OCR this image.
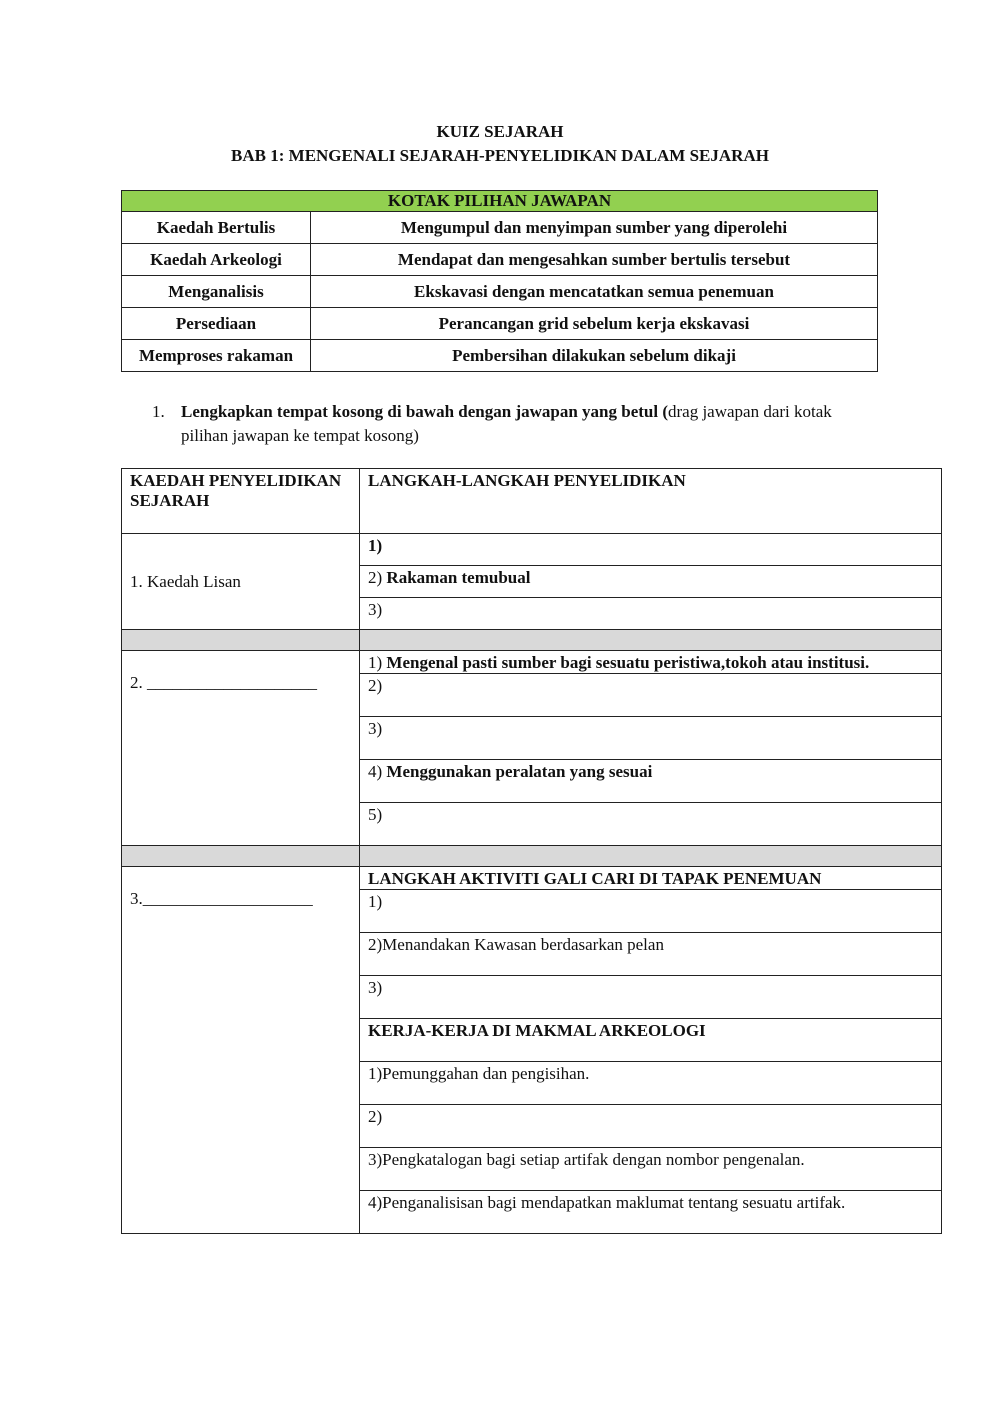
KUIZ SEJARAH
BAB 1: MENGENALI SEJARAH-PENYELIDIKAN DALAM SEJARAH
KOTAK PILIHAN JAWAPAN	
Kaedah Bertulis	Mengumpul dan menyimpan sumber yang diperolehi
Kaedah Arkeologi	Mendapat dan mengesahkan sumber bertulis tersebut
Menganalisis	Ekskavasi dengan mencatatkan semua penemuan
Persediaan	Perancangan grid sebelum kerja ekskavasi
Memproses rakaman	Pembersihan dilakukan sebelum dikaji
1. Lengkapkan tempat kosong di bawah dengan jawapan yang betul (drag jawapan dari kotak pilihan jawapan ke tempat kosong)
KAEDAH PENYELIDIKAN SEJARAH	LANGKAH-LANGKAH PENYELIDIKAN
1. Kaedah Lisan	1)
	2) Rakaman temubual
	3)

2. ____________________	1) Mengenal pasti sumber bagi sesuatu peristiwa,tokoh atau institusi.
	2)
	3)
	4) Menggunakan peralatan yang sesuai
	5)

3.____________________	LANGKAH AKTIVITI GALI CARI DI TAPAK PENEMUAN
	1)
	2)Menandakan Kawasan berdasarkan pelan
	3)
	KERJA-KERJA DI MAKMAL ARKEOLOGI
	1)Pemunggahan dan pengisihan.
	2)
	3)Pengkatalogan bagi setiap artifak dengan nombor pengenalan.
	4)Penganalisisan bagi mendapatkan maklumat tentang sesuatu artifak.
